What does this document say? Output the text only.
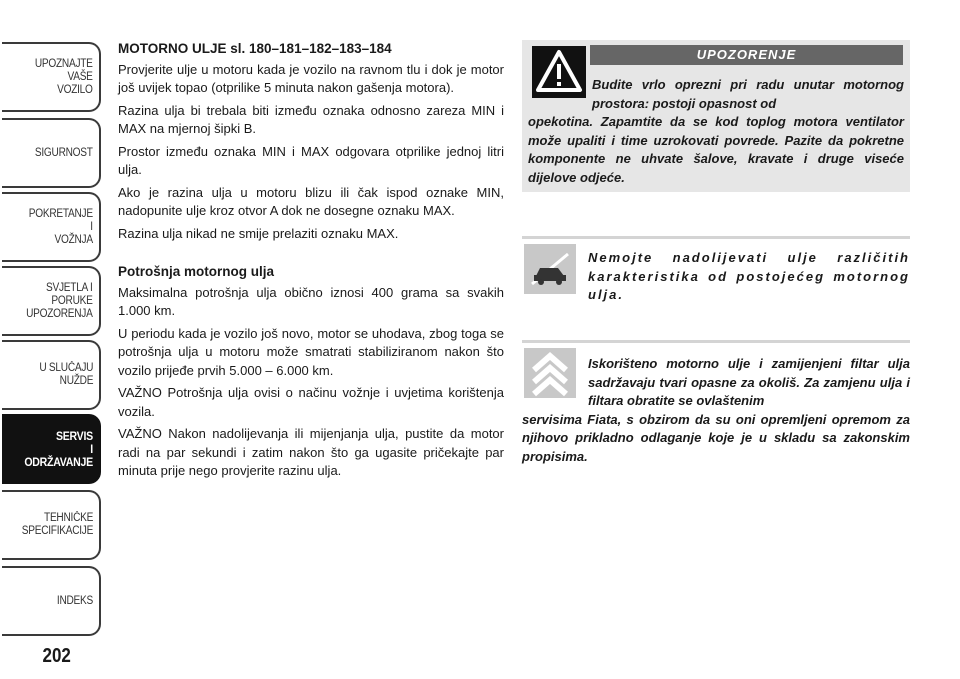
UPOZNAJTE
VAŠE
VOZILO
SIGURNOST
POKRETANJE
I
VOŽNJA
SVJETLA I
PORUKE
UPOZORENJA
U SLUČAJU
NUŽDE
SERVIS
I
ODRŽAVANJE
TEHNIČKE
SPECIFIKACIJE
INDEKS
202
MOTORNO ULJE sl. 180–181–182–183–184

Provjerite ulje u motoru kada je vozilo na ravnom tlu i dok je motor još uvijek topao (otprilike 5 minuta nakon gašenja motora).

Razina ulja bi trebala biti između oznaka odnosno zareza MIN i MAX na mjernoj šipki B.

Prostor između oznaka MIN i MAX odgovara otprilike jednoj litri ulja.

Ako je razina ulja u motoru blizu ili čak ispod oznake MIN, nadopunite ulje kroz otvor A dok ne dosegne oznaku MAX.

Razina ulja nikad ne smije prelaziti oznaku MAX.

Potrošnja motornog ulja

Maksimalna potrošnja ulja obično iznosi 400 grama sa svakih 1.000 km.

U periodu kada je vozilo još novo, motor se uhodava, zbog toga se potrošnja ulja u motoru može smatrati stabiliziranom nakon što vozilo prijeđe prvih 5.000 – 6.000 km.

VAŽNO Potrošnja ulja ovisi o načinu vožnje i uvjetima korištenja vozila.

VAŽNO Nakon nadolijevanja ili mijenjanja ulja, pustite da motor radi na par sekundi i zatim nakon što ga ugasite pričekajte par minuta prije nego provjerite razinu ulja.

UPOZORENJE
Budite vrlo oprezni pri radu unutar motornog prostora: postoji opasnost od
opekotina. Zapamtite da se kod toplog motora ventilator može upaliti i time uzrokovati povrede. Pazite da pokretne komponente ne uhvate šalove, kravate i druge viseće dijelove odjeće.
Nemojte nadolijevati ulje različitih karakteristika od postojećeg motornog ulja.
Iskorišteno motorno ulje i zamijenjeni filtar ulja sadržavaju tvari opasne za okoliš. Za zamjenu ulja i filtara obratite se ovlaštenim
servisima Fiata, s obzirom da su oni opremljeni opremom za njihovo prikladno odlaganje koje je u skladu sa zakonskim propisima.
